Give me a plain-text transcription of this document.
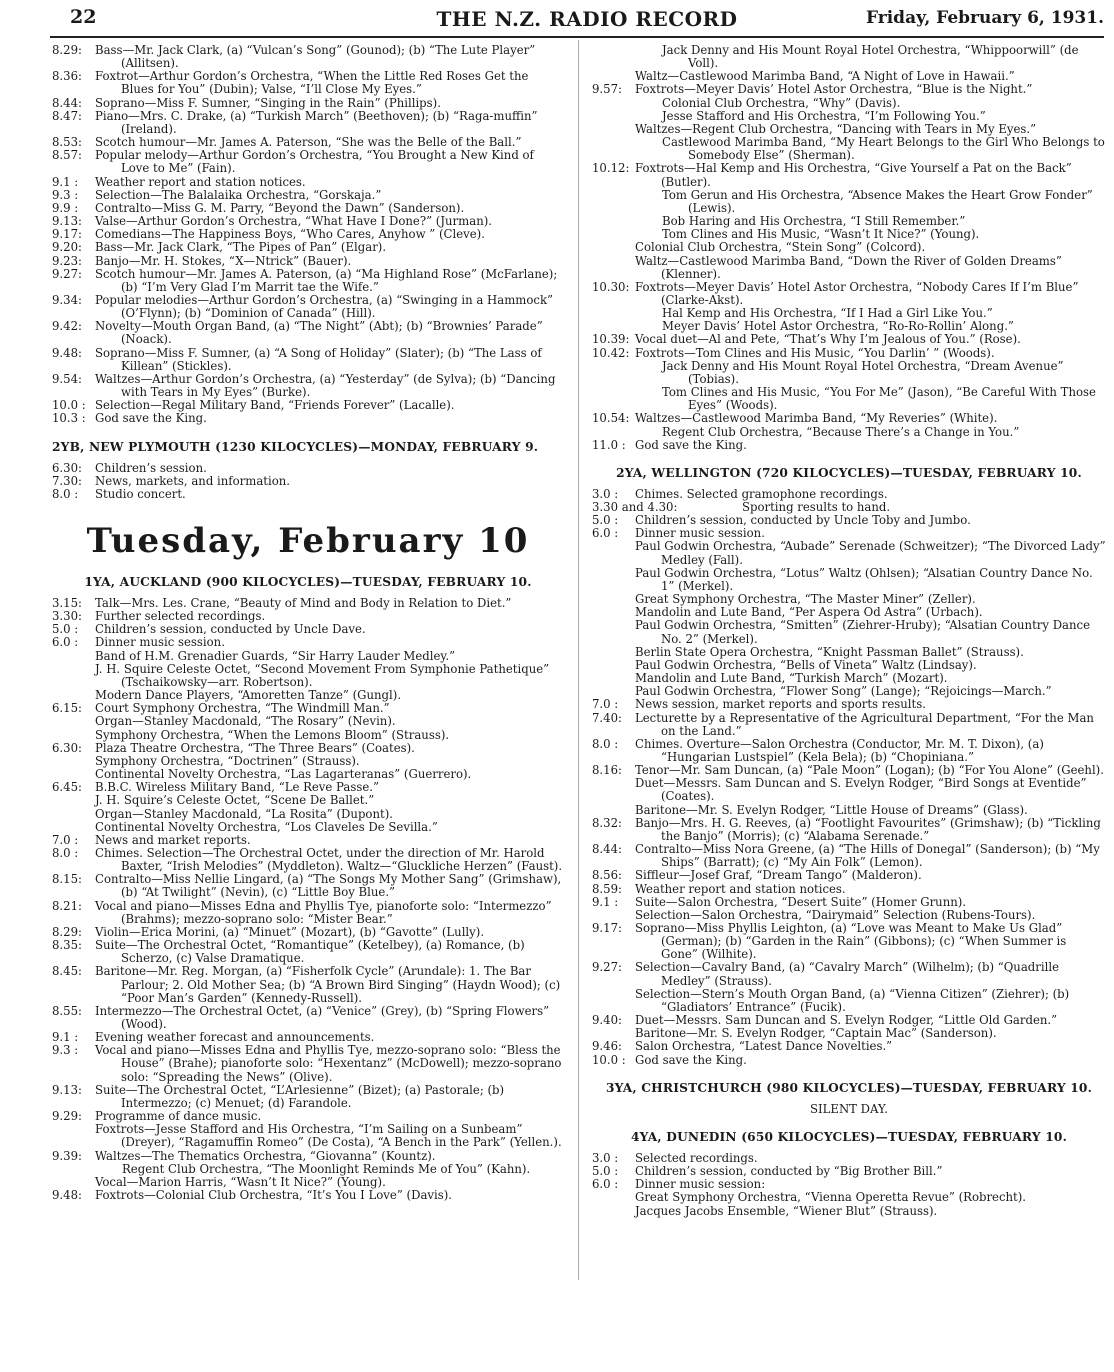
22	THE N.Z. RADIO RECORD	Friday, February 6, 1931.
8.29:	Bass—Mr. Jack Clark, (a) “Vulcan’s Song” (Gounod); (b) “The Lute Player” (Allitsen).
8.36:	Foxtrot—Arthur Gordon’s Orchestra, “When the Little Red Roses Get the Blues for You” (Dubin); Valse, “I’ll Close My Eyes.”
8.44:	Soprano—Miss F. Sumner, “Singing in the Rain” (Phillips).
8.47:	Piano—Mrs. C. Drake, (a) “Turkish March” (Beethoven); (b) “Raga-muffin” (Ireland).
8.53:	Scotch humour—Mr. James A. Paterson, “She was the Belle of the Ball.”
8.57:	Popular melody—Arthur Gordon’s Orchestra, “You Brought a New Kind of Love to Me” (Fain).
9.1 :	Weather report and station notices.
9.3 :	Selection—The Balalaika Orchestra, “Gorskaja.”
9.9 :	Contralto—Miss G. M. Parry, “Beyond the Dawn” (Sanderson).
9.13:	Valse—Arthur Gordon’s Orchestra, “What Have I Done?” (Jurman).
9.17:	Comedians—The Happiness Boys, “Who Cares, Anyhow ” (Cleve).
9.20:	Bass—Mr. Jack Clark, “The Pipes of Pan” (Elgar).
9.23:	Banjo—Mr. H. Stokes, “X—Ntrick” (Bauer).
9.27:	Scotch humour—Mr. James A. Paterson, (a) “Ma Highland Rose” (McFarlane); (b) “I’m Very Glad I’m Marrit tae the Wife.”
9.34:	Popular melodies—Arthur Gordon’s Orchestra, (a) “Swinging in a Hammock” (O’Flynn); (b) “Dominion of Canada” (Hill).
9.42:	Novelty—Mouth Organ Band, (a) “The Night” (Abt); (b) “Brownies’ Parade” (Noack).
9.48:	Soprano—Miss F. Sumner, (a) “A Song of Holiday” (Slater); (b) “The Lass of Killean” (Stickles).
9.54:	Waltzes—Arthur Gordon’s Orchestra, (a) “Yesterday” (de Sylva); (b) “Dancing with Tears in My Eyes” (Burke).
10.0 : Selection—Regal Military Band, “Friends Forever” (Lacalle).
10.3 : God save the King.
2YB, NEW PLYMOUTH (1230 KILOCYCLES)—MONDAY, FEBRUARY 9.
6.30:	Children’s session.
7.30:	News, markets, and information.
8.0 :	Studio concert.
Tuesday, February 10
1YA, AUCKLAND (900 KILOCYCLES)—TUESDAY, FEBRUARY 10.
3.15:	Talk—Mrs. Les. Crane, “Beauty of Mind and Body in Relation to Diet.”
3.30:	Further selected recordings.
5.0 :	Children’s session, conducted by Uncle Dave.
6.0 :	Dinner music session.
Band of H.M. Grenadier Guards, “Sir Harry Lauder Medley.”
J. H. Squire Celeste Octet, “Second Movement From Symphonie Pathetique” (Tschaikowsky—arr. Robertson).
Modern Dance Players, “Amoretten Tanze” (Gungl).
6.15:	Court Symphony Orchestra, “The Windmill Man.”
Organ—Stanley Macdonald, “The Rosary” (Nevin).
Symphony Orchestra, “When the Lemons Bloom” (Strauss).
6.30:	Plaza Theatre Orchestra, “The Three Bears” (Coates).
Symphony Orchestra, “Doctrinen” (Strauss).
Continental Novelty Orchestra, “Las Lagarteranas” (Guerrero).
6.45:	B.B.C. Wireless Military Band, “Le Reve Passe.”
J. H. Squire’s Celeste Octet, “Scene De Ballet.”
Organ—Stanley Macdonald, “La Rosita” (Dupont).
Continental Novelty Orchestra, “Los Claveles De Sevilla.”
7.0 :	News and market reports.
8.0 :	Chimes. Selection—The Orchestral Octet, under the direction of Mr. Harold Baxter, “Irish Melodies” (Myddleton). Waltz—“Gluckliche Herzen” (Faust).
8.15:	Contralto—Miss Nellie Lingard, (a) “The Songs My Mother Sang” (Grimshaw), (b) “At Twilight” (Nevin), (c) “Little Boy Blue.”
8.21:	Vocal and piano—Misses Edna and Phyllis Tye, pianoforte solo: “Intermezzo” (Brahms); mezzo-soprano solo: “Mister Bear.”
8.29:	Violin—Erica Morini, (a) “Minuet” (Mozart), (b) “Gavotte” (Lully).
8.35:	Suite—The Orchestral Octet, “Romantique” (Ketelbey), (a) Romance, (b) Scherzo, (c) Valse Dramatique.
8.45:	Baritone—Mr. Reg. Morgan, (a) “Fisherfolk Cycle” (Arundale): 1. The Bar Parlour; 2. Old Mother Sea; (b) “A Brown Bird Singing” (Haydn Wood); (c) “Poor Man’s Garden” (Kennedy-Russell).
8.55:	Intermezzo—The Orchestral Octet, (a) “Venice” (Grey), (b) “Spring Flowers” (Wood).
9.1 :	Evening weather forecast and announcements.
9.3 :	Vocal and piano—Misses Edna and Phyllis Tye, mezzo-soprano solo: “Bless the House” (Brahe); pianoforte solo: “Hexentanz” (McDowell); mezzo-soprano solo: “Spreading the News” (Olive).
9.13:	Suite—The Orchestral Octet, “L’Arlesienne” (Bizet); (a) Pastorale; (b) Intermezzo; (c) Menuet; (d) Farandole.
9.29:	Programme of dance music.
Foxtrots—Jesse Stafford and His Orchestra, “I’m Sailing on a Sunbeam” (Dreyer), “Ragamuffin Romeo” (De Costa), “A Bench in the Park” (Yellen.).
9.39:	Waltzes—The Thematics Orchestra, “Giovanna” (Kountz).
Regent Club Orchestra, “The Moonlight Reminds Me of You” (Kahn).
Vocal—Marion Harris, “Wasn’t It Nice?” (Young).
9.48:	Foxtrots—Colonial Club Orchestra, “It’s You I Love” (Davis).
Jack Denny and His Mount Royal Hotel Orchestra, “Whippoorwill” (de Voll).
Waltz—Castlewood Marimba Band, “A Night of Love in Hawaii.”
9.57:	Foxtrots—Meyer Davis’ Hotel Astor Orchestra, “Blue is the Night.”
Colonial Club Orchestra, “Why” (Davis).
Jesse Stafford and His Orchestra, “I’m Following You.”
Waltzes—Regent Club Orchestra, “Dancing with Tears in My Eyes.”
Castlewood Marimba Band, “My Heart Belongs to the Girl Who Belongs to Somebody Else” (Sherman).
10.12: Foxtrots—Hal Kemp and His Orchestra, “Give Yourself a Pat on the Back” (Butler).
Tom Gerun and His Orchestra, “Absence Makes the Heart Grow Fonder” (Lewis).
Bob Haring and His Orchestra, “I Still Remember.”
Tom Clines and His Music, “Wasn’t It Nice?” (Young).
Colonial Club Orchestra, “Stein Song” (Colcord).
Waltz—Castlewood Marimba Band, “Down the River of Golden Dreams” (Klenner).
10.30: Foxtrots—Meyer Davis’ Hotel Astor Orchestra, “Nobody Cares If I’m Blue” (Clarke-Akst).
Hal Kemp and His Orchestra, “If I Had a Girl Like You.”
Meyer Davis’ Hotel Astor Orchestra, “Ro-Ro-Rollin’ Along.”
10.39: Vocal duet—Al and Pete, “That’s Why I’m Jealous of You.” (Rose).
10.42: Foxtrots—Tom Clines and His Music, “You Darlin’ ” (Woods).
Jack Denny and His Mount Royal Hotel Orchestra, “Dream Avenue” (Tobias).
Tom Clines and His Music, “You For Me” (Jason), “Be Careful With Those Eyes” (Woods).
10.54: Waltzes—Castlewood Marimba Band, “My Reveries” (White).
Regent Club Orchestra, “Because There’s a Change in You.”
11.0 : God save the King.
2YA, WELLINGTON (720 KILOCYCLES)—TUESDAY, FEBRUARY 10.
3.0 :	Chimes. Selected gramophone recordings.
3.30 and 4.30:	Sporting results to hand.
5.0 :	Children’s session, conducted by Uncle Toby and Jumbo.
6.0 :	Dinner music session.
Paul Godwin Orchestra, “Aubade” Serenade (Schweitzer); “The Divorced Lady” Medley (Fall).
Paul Godwin Orchestra, “Lotus” Waltz (Ohlsen); “Alsatian Country Dance No. 1” (Merkel).
Great Symphony Orchestra, “The Master Miner” (Zeller).
Mandolin and Lute Band, “Per Aspera Od Astra” (Urbach).
Paul Godwin Orchestra, “Smitten” (Ziehrer-Hruby); “Alsatian Country Dance No. 2” (Merkel).
Berlin State Opera Orchestra, “Knight Passman Ballet” (Strauss).
Paul Godwin Orchestra, “Bells of Vineta” Waltz (Lindsay).
Mandolin and Lute Band, “Turkish March” (Mozart).
Paul Godwin Orchestra, “Flower Song” (Lange); “Rejoicings—March.”
7.0 :	News session, market reports and sports results.
7.40:	Lecturette by a Representative of the Agricultural Department, “For the Man on the Land.”
8.0 :	Chimes. Overture—Salon Orchestra (Conductor, Mr. M. T. Dixon), (a) “Hungarian Lustspiel” (Kela Bela); (b) “Chopiniana.”
8.16:	Tenor—Mr. Sam Duncan, (a) “Pale Moon” (Logan); (b) “For You Alone” (Geehl).
Duet—Messrs. Sam Duncan and S. Evelyn Rodger, “Bird Songs at Eventide” (Coates).
Baritone—Mr. S. Evelyn Rodger, “Little House of Dreams” (Glass).
8.32:	Banjo—Mrs. H. G. Reeves, (a) “Footlight Favourites” (Grimshaw); (b) “Tickling the Banjo” (Morris); (c) “Alabama Serenade.”
8.44:	Contralto—Miss Nora Greene, (a) “The Hills of Donegal” (Sanderson); (b) “My Ships” (Barratt); (c) “My Ain Folk” (Lemon).
8.56:	Siffleur—Josef Graf, “Dream Tango” (Malderon).
8.59:	Weather report and station notices.
9.1 :	Suite—Salon Orchestra, “Desert Suite” (Homer Grunn).
Selection—Salon Orchestra, “Dairymaid” Selection (Rubens-Tours).
9.17:	Soprano—Miss Phyllis Leighton, (a) “Love was Meant to Make Us Glad” (German); (b) “Garden in the Rain” (Gibbons); (c) “When Summer is Gone” (Wilhite).
9.27:	Selection—Cavalry Band, (a) “Cavalry March” (Wilhelm); (b) “Quadrille Medley” (Strauss).
Selection—Stern’s Mouth Organ Band, (a) “Vienna Citizen” (Ziehrer); (b) “Gladiators’ Entrance” (Fucik).
9.40:	Duet—Messrs. Sam Duncan and S. Evelyn Rodger, “Little Old Garden.”
Baritone—Mr. S. Evelyn Rodger, “Captain Mac” (Sanderson).
9.46:	Salon Orchestra, “Latest Dance Novelties.”
10.0 : God save the King.
3YA, CHRISTCHURCH (980 KILOCYCLES)—TUESDAY, FEBRUARY 10.
SILENT DAY.
4YA, DUNEDIN (650 KILOCYCLES)—TUESDAY, FEBRUARY 10.
3.0 :	Selected recordings.
5.0 :	Children’s session, conducted by “Big Brother Bill.”
6.0 :	Dinner music session:
Great Symphony Orchestra, “Vienna Operetta Revue” (Robrecht).
Jacques Jacobs Ensemble, “Wiener Blut” (Strauss).
